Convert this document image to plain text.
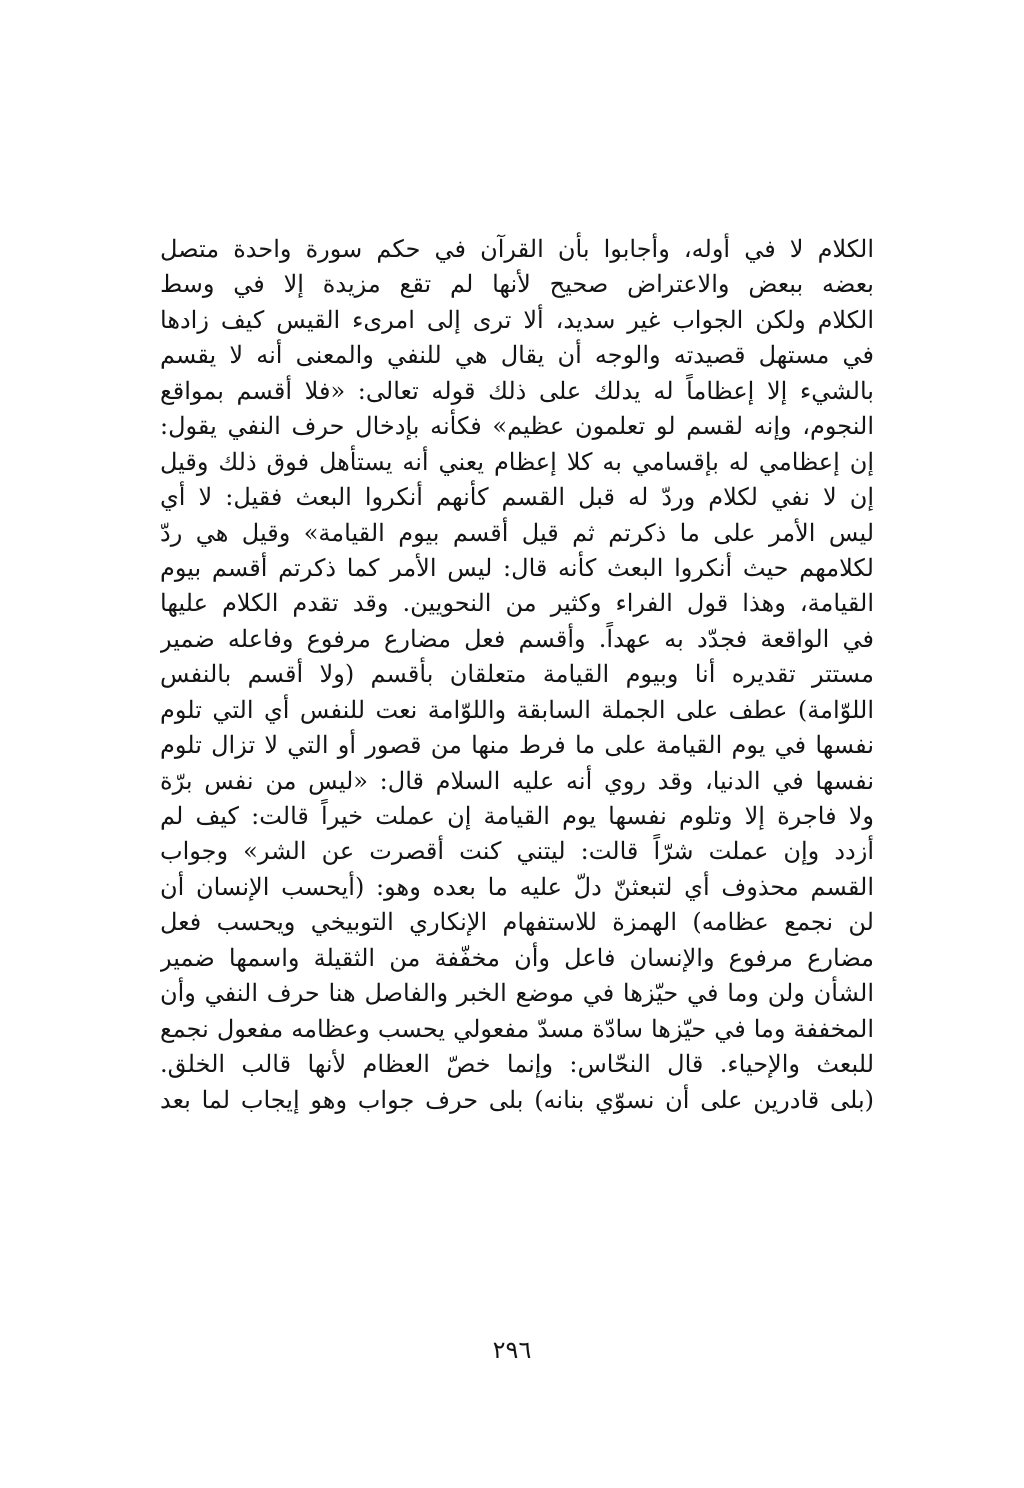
الكلام لا في أوله، وأجابوا بأن القرآن في حكم سورة واحدة متصل
بعضه ببعض والاعتراض صحيح لأنها لم تقع مزيدة إلا في وسط
الكلام ولكن الجواب غير سديد، ألا ترى إلى امرىء القيس كيف زادها
في مستهل قصيدته والوجه أن يقال هي للنفي والمعنى أنه لا يقسم
بالشيء إلا إعظاماً له يدلك على ذلك قوله تعالى: «فلا أقسم بمواقع
النجوم، وإنه لقسم لو تعلمون عظيم» فكأنه بإدخال حرف النفي يقول:
إن إعظامي له بإقسامي به كلا إعظام يعني أنه يستأهل فوق ذلك وقيل
إن لا نفي لكلام وردّ له قبل القسم كأنهم أنكروا البعث فقيل: لا أي
ليس الأمر على ما ذكرتم ثم قيل أقسم بيوم القيامة» وقيل هي ردّ
لكلامهم حيث أنكروا البعث كأنه قال: ليس الأمر كما ذكرتم أقسم بيوم
القيامة، وهذا قول الفراء وكثير من النحويين. وقد تقدم الكلام عليها
في الواقعة فجدّد به عهداً. وأقسم فعل مضارع مرفوع وفاعله ضمير
مستتر تقديره أنا وبيوم القيامة متعلقان بأقسم (ولا أقسم بالنفس
اللوّامة) عطف على الجملة السابقة واللوّامة نعت للنفس أي التي تلوم
نفسها في يوم القيامة على ما فرط منها من قصور أو التي لا تزال تلوم
نفسها في الدنيا، وقد روي أنه عليه السلام قال: «ليس من نفس برّة
ولا فاجرة إلا وتلوم نفسها يوم القيامة إن عملت خيراً قالت: كيف لم
أزدد وإن عملت شرّاً قالت: ليتني كنت أقصرت عن الشر» وجواب
القسم محذوف أي لتبعثنّ دلّ عليه ما بعده وهو: (أيحسب الإنسان أن
لن نجمع عظامه) الهمزة للاستفهام الإنكاري التوبيخي ويحسب فعل
مضارع مرفوع والإنسان فاعل وأن مخفّفة من الثقيلة واسمها ضمير
الشأن ولن وما في حيّزها في موضع الخبر والفاصل هنا حرف النفي وأن
المخففة وما في حيّزها سادّة مسدّ مفعولي يحسب وعظامه مفعول نجمع
للبعث والإحياء. قال النحّاس: وإنما خصّ العظام لأنها قالب الخلق.
(بلى قادرين على أن نسوّي بنانه) بلى حرف جواب وهو إيجاب لما بعد
٢٩٦
